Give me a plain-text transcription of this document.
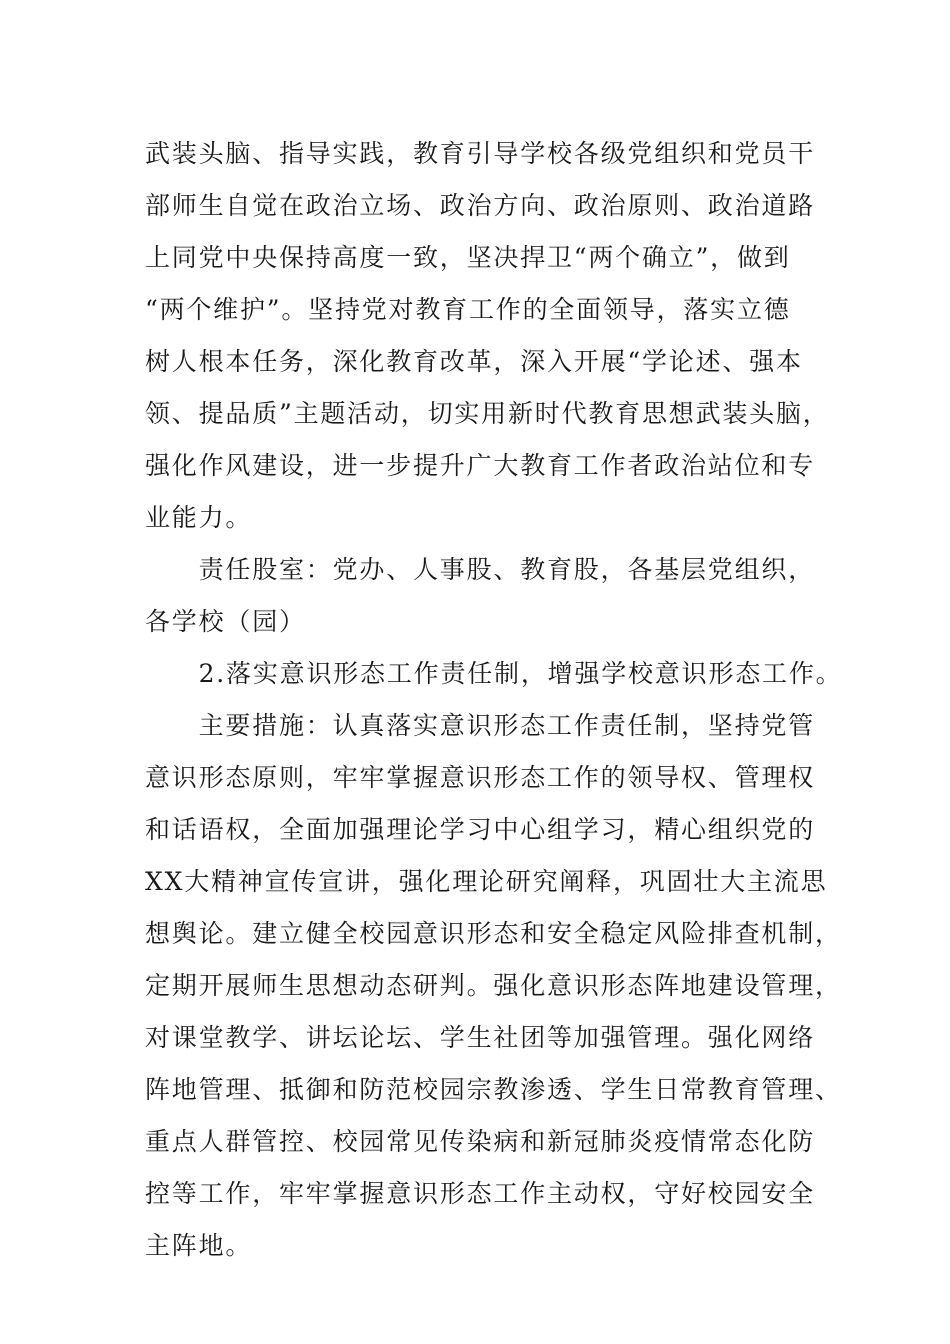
武装头脑、指导实践，教育引导学校各级党组织和党员干
部师生自觉在政治立场、政治方向、政治原则、政治道路
上同党中央保持高度一致，坚决捍卫“两个确立”，做到
“两个维护”。坚持党对教育工作的全面领导，落实立德
树人根本任务，深化教育改革，深入开展“学论述、强本
领、提品质”主题活动，切实用新时代教育思想武装头脑，
强化作风建设，进一步提升广大教育工作者政治站位和专
业能力。
　　责任股室：党办、人事股、教育股，各基层党组织，
各学校（园）
　　2.落实意识形态工作责任制，增强学校意识形态工作。
　　主要措施：认真落实意识形态工作责任制，坚持党管
意识形态原则，牢牢掌握意识形态工作的领导权、管理权
和话语权，全面加强理论学习中心组学习，精心组织党的
XX大精神宣传宣讲，强化理论研究阐释，巩固壮大主流思
想舆论。建立健全校园意识形态和安全稳定风险排查机制，
定期开展师生思想动态研判。强化意识形态阵地建设管理，
对课堂教学、讲坛论坛、学生社团等加强管理。强化网络
阵地管理、抵御和防范校园宗教渗透、学生日常教育管理、
重点人群管控、校园常见传染病和新冠肺炎疫情常态化防
控等工作，牢牢掌握意识形态工作主动权，守好校园安全
主阵地。
